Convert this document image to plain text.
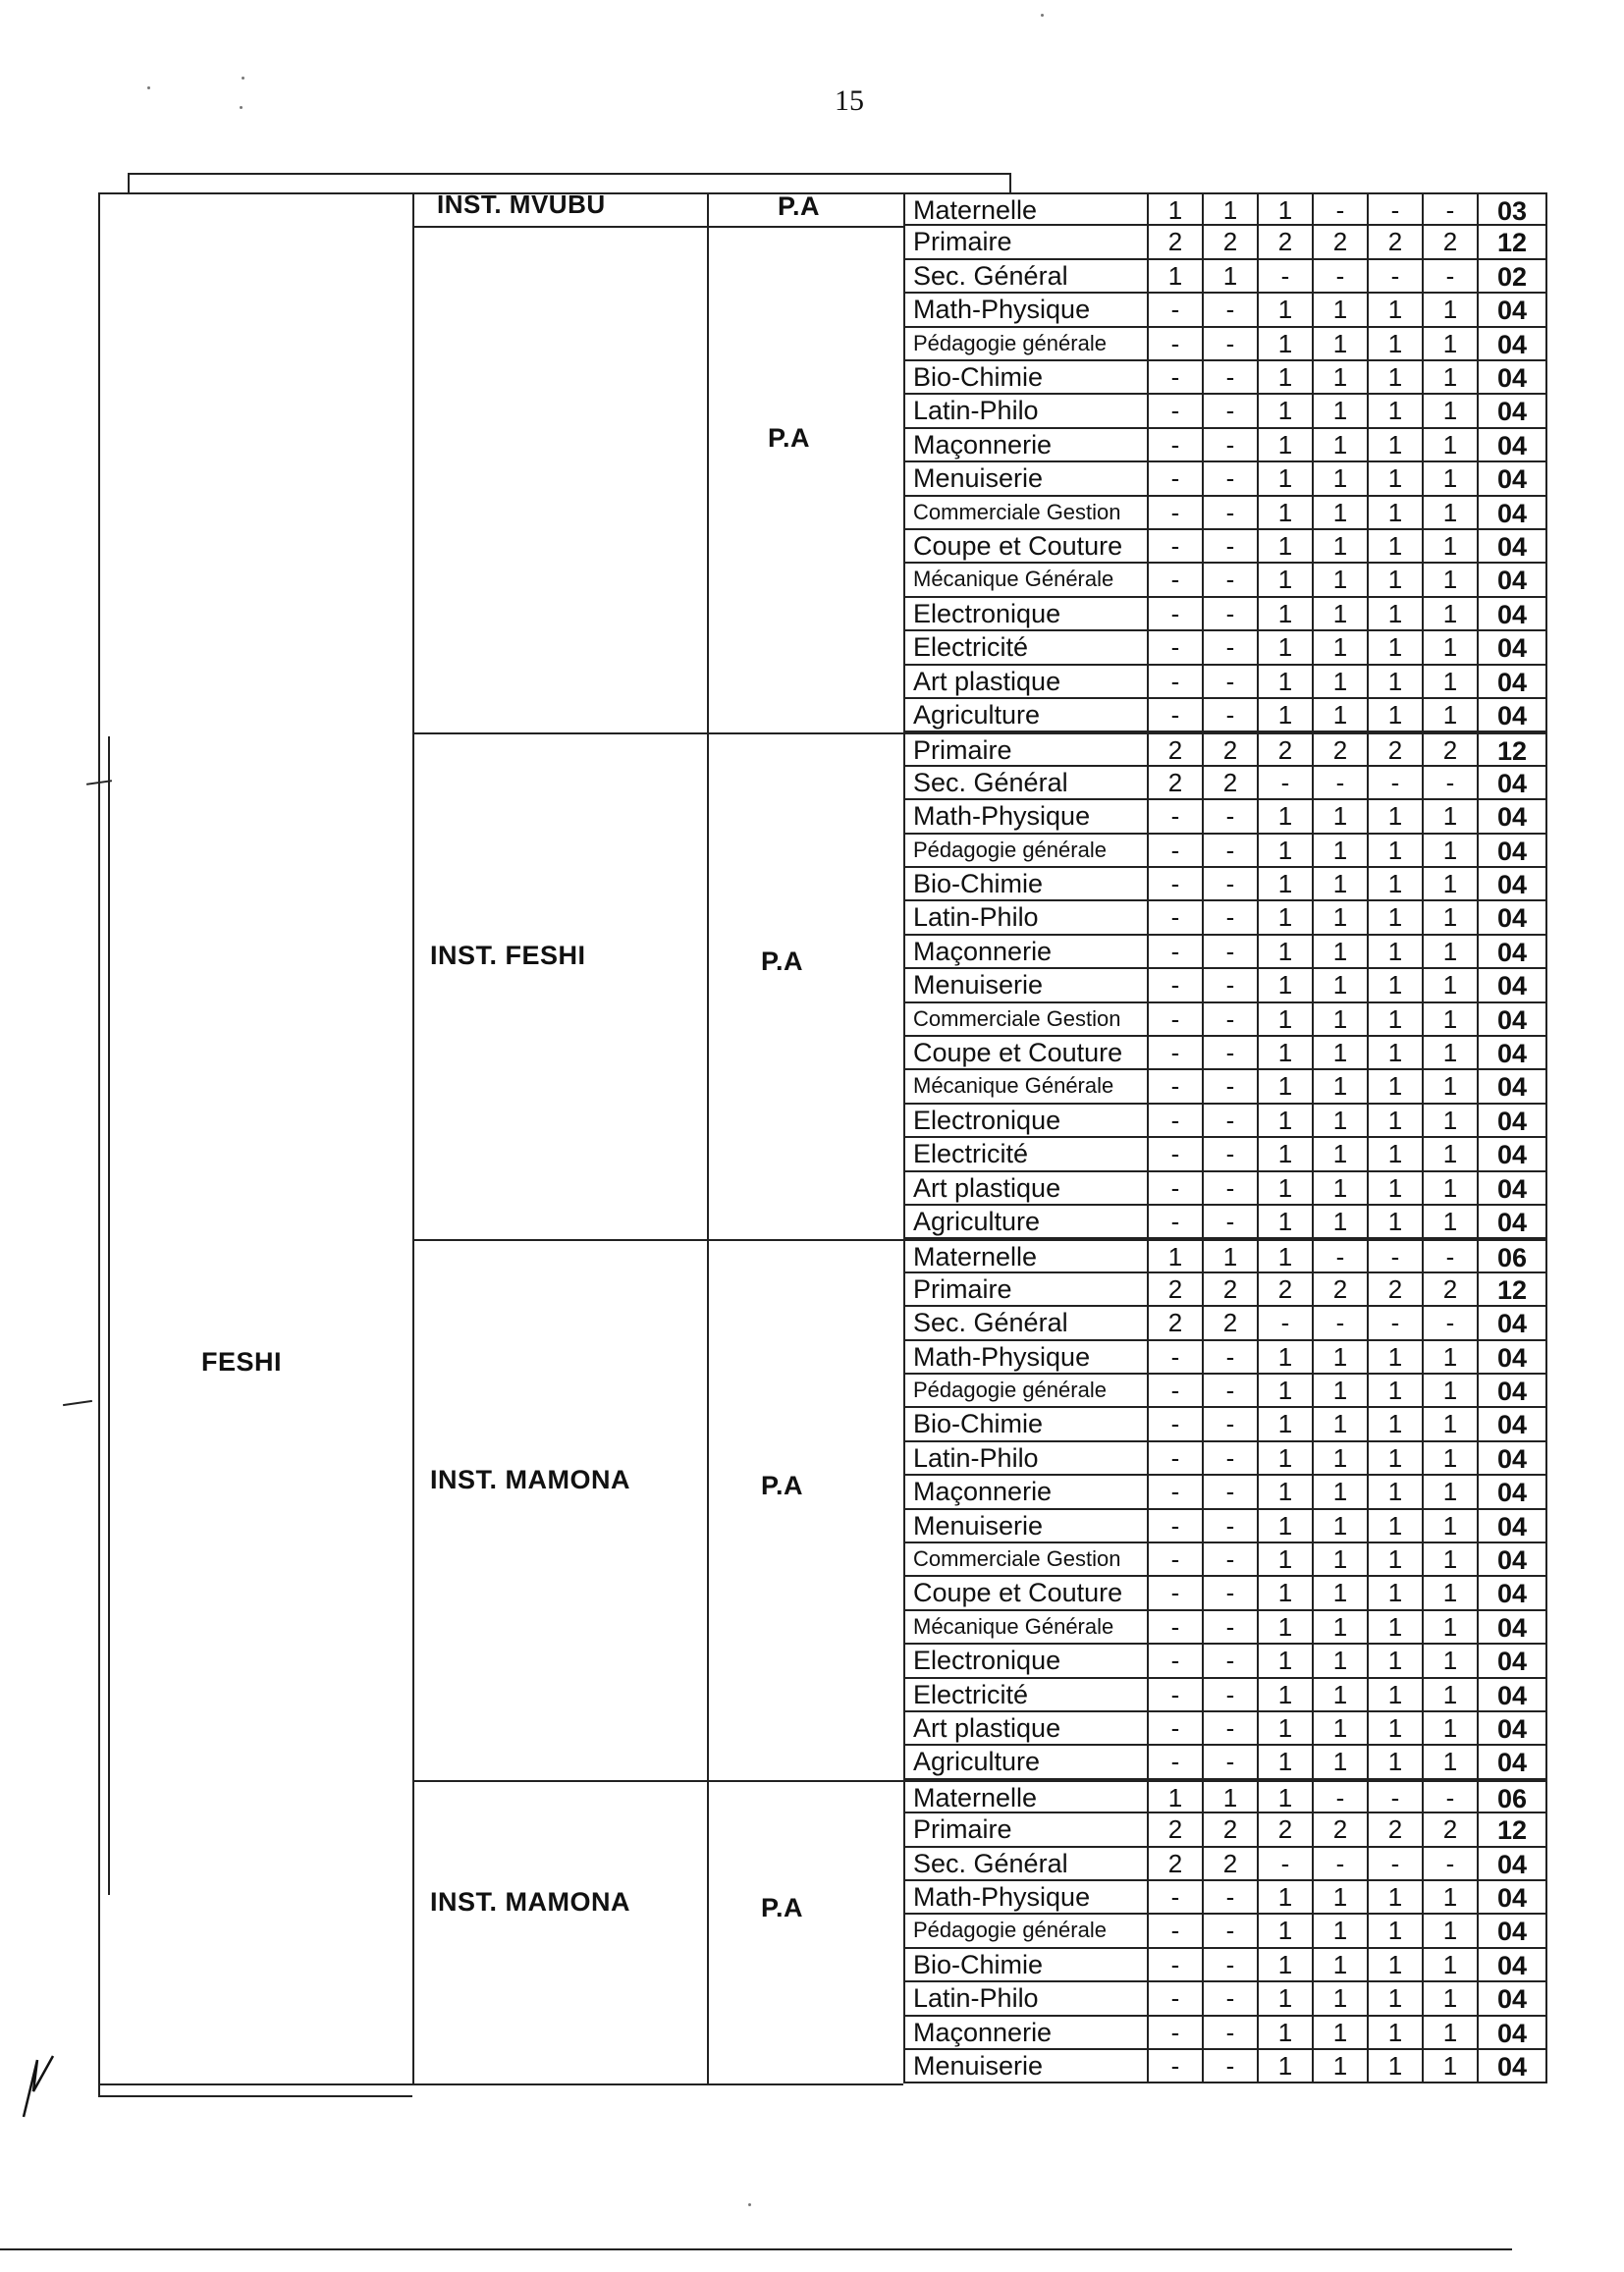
15
FESHI
INST. MVUBU	P.A
P.A
Maternelle	1	1	1	-	-	-	03
Primaire	2	2	2	2	2	2	12
Sec. Général	1	1	-	-	-	-	02
Math-Physique	-	-	1	1	1	1	04
Pédagogie générale	-	-	1	1	1	1	04
Bio-Chimie	-	-	1	1	1	1	04
Latin-Philo	-	-	1	1	1	1	04
Maçonnerie	-	-	1	1	1	1	04
Menuiserie	-	-	1	1	1	1	04
Commerciale Gestion	-	-	1	1	1	1	04
Coupe et Couture	-	-	1	1	1	1	04
Mécanique Générale	-	-	1	1	1	1	04
Electronique	-	-	1	1	1	1	04
Electricité	-	-	1	1	1	1	04
Art plastique	-	-	1	1	1	1	04
Agriculture	-	-	1	1	1	1	04
INST. FESHI	P.A
Primaire	2	2	2	2	2	2	12
Sec. Général	2	2	-	-	-	-	04
Math-Physique	-	-	1	1	1	1	04
Pédagogie générale	-	-	1	1	1	1	04
Bio-Chimie	-	-	1	1	1	1	04
Latin-Philo	-	-	1	1	1	1	04
Maçonnerie	-	-	1	1	1	1	04
Menuiserie	-	-	1	1	1	1	04
Commerciale Gestion	-	-	1	1	1	1	04
Coupe et Couture	-	-	1	1	1	1	04
Mécanique Générale	-	-	1	1	1	1	04
Electronique	-	-	1	1	1	1	04
Electricité	-	-	1	1	1	1	04
Art plastique	-	-	1	1	1	1	04
Agriculture	-	-	1	1	1	1	04
INST. MAMONA	P.A
Maternelle	1	1	1	-	-	-	06
Primaire	2	2	2	2	2	2	12
Sec. Général	2	2	-	-	-	-	04
Math-Physique	-	-	1	1	1	1	04
Pédagogie générale	-	-	1	1	1	1	04
Bio-Chimie	-	-	1	1	1	1	04
Latin-Philo	-	-	1	1	1	1	04
Maçonnerie	-	-	1	1	1	1	04
Menuiserie	-	-	1	1	1	1	04
Commerciale Gestion	-	-	1	1	1	1	04
Coupe et Couture	-	-	1	1	1	1	04
Mécanique Générale	-	-	1	1	1	1	04
Electronique	-	-	1	1	1	1	04
Electricité	-	-	1	1	1	1	04
Art plastique	-	-	1	1	1	1	04
Agriculture	-	-	1	1	1	1	04
INST. MAMONA	P.A
Maternelle	1	1	1	-	-	-	06
Primaire	2	2	2	2	2	2	12
Sec. Général	2	2	-	-	-	-	04
Math-Physique	-	-	1	1	1	1	04
Pédagogie générale	-	-	1	1	1	1	04
Bio-Chimie	-	-	1	1	1	1	04
Latin-Philo	-	-	1	1	1	1	04
Maçonnerie	-	-	1	1	1	1	04
Menuiserie	-	-	1	1	1	1	04
